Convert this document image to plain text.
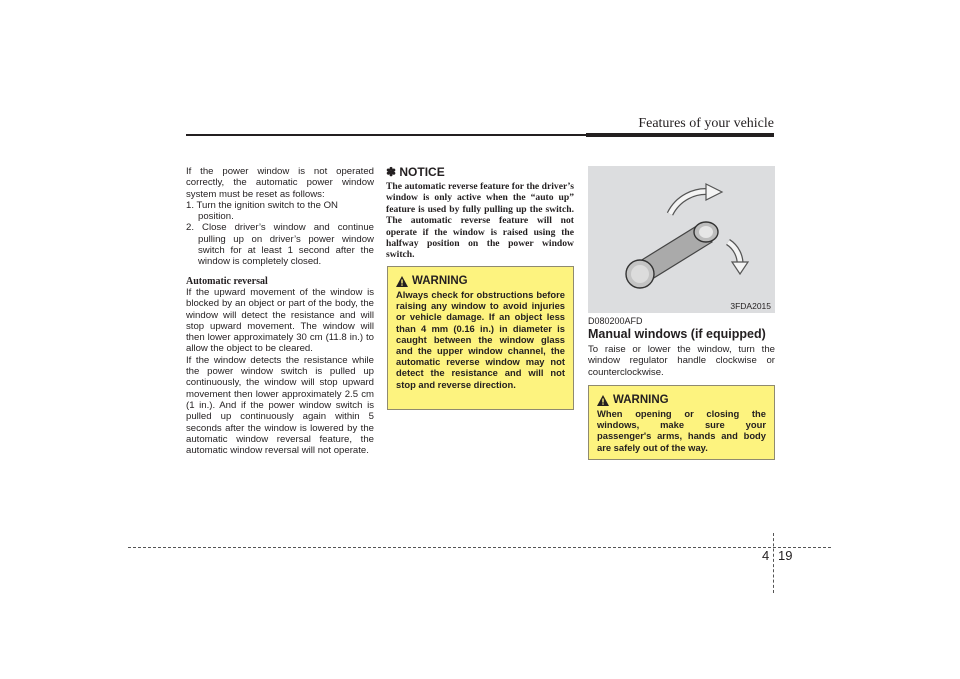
Features of your vehicle

If the power window is not operated correctly, the automatic power window system must be reset as follows:

1. Turn the ignition switch to the ON position.

2. Close driver’s window and continue pulling up on driver’s power window switch for at least 1 second after the window is completely closed.

Automatic reversal

If the upward movement of the window is blocked by an object or part of the body, the window will detect the resistance and will stop upward movement. The window will then lower approximately 30 cm (11.8 in.) to allow the object to be cleared.

If the window detects the resistance while the power window switch is pulled up continuously, the window will stop upward movement then lower approximately 2.5 cm (1 in.). And if the power window switch is pulled up continuously again within 5 seconds after the window is lowered by the automatic window reversal feature, the automatic window reversal will not operate.

✽ NOTICE

The automatic reverse feature for the driver’s window is only active when the “auto up” feature is used by fully pulling up the switch. The automatic reverse feature will not operate if the window is raised using the halfway position on the power window switch.

WARNING

Always check for obstructions before raising any window to avoid injuries or vehicle damage. If an object less than 4 mm (0.16 in.) in diameter is caught between the window glass and the upper window channel, the automatic reverse window may not detect the resistance and will not stop and reverse direction.

3FDA2015
D080200AFD
Manual windows (if equipped)
To raise or lower the window, turn the window regulator handle clockwise or counterclockwise.
WARNING

When opening or closing the windows, make sure your passenger's arms, hands and body are safely out of the way.

4 19
